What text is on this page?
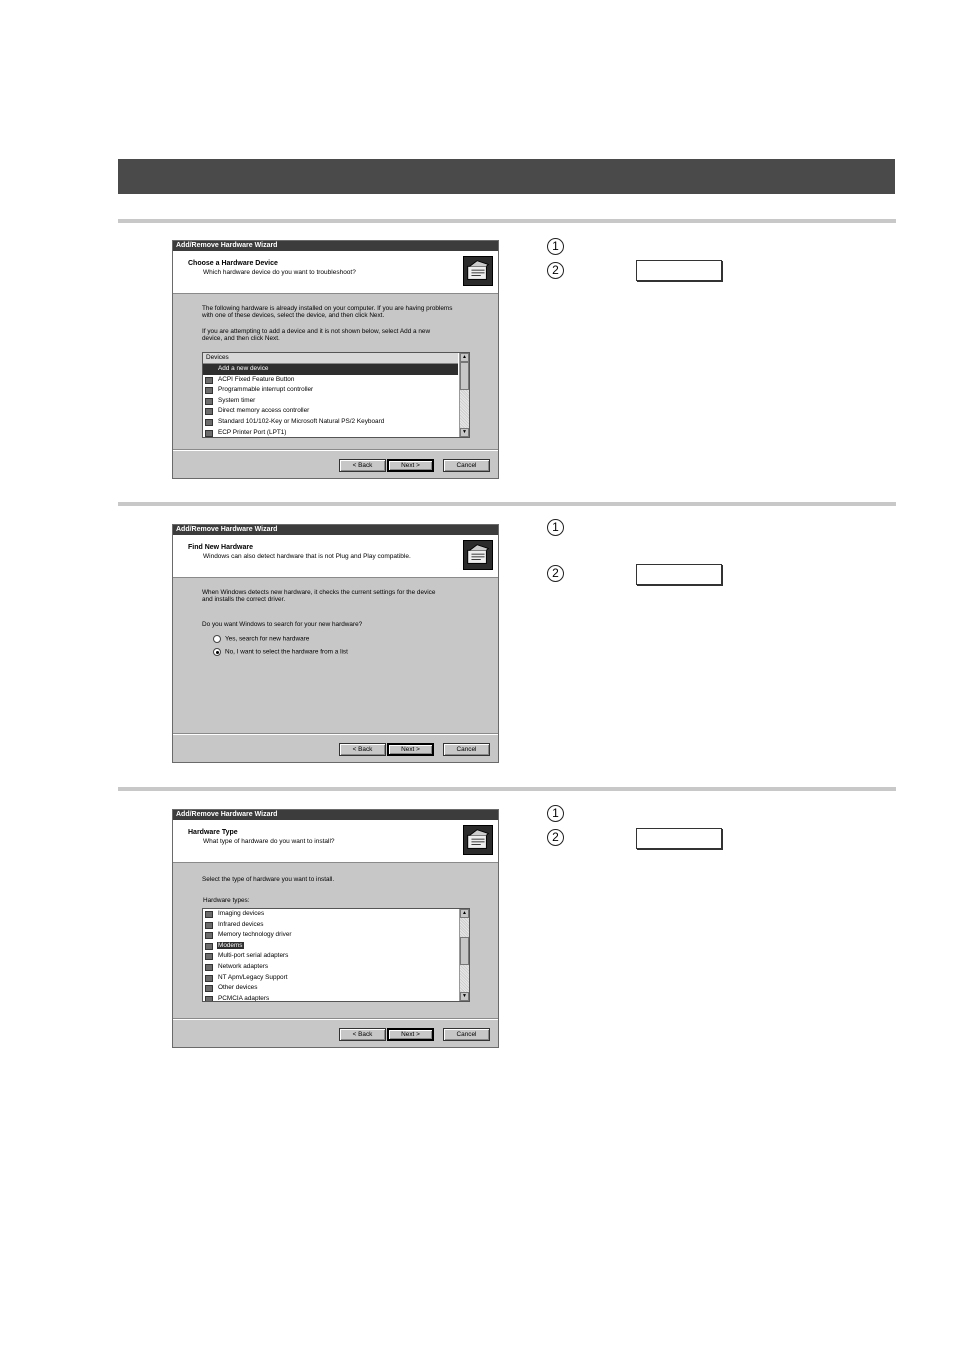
Add/Remove Hardware Wizard
Choose a Hardware Device
Which hardware device do you want to troubleshoot?
The following hardware is already installed on your computer. If you are having problems
with one of these devices, select the device, and then click Next.
If you are attempting to add a device and it is not shown below, select Add a new
device, and then click Next.
Devices
Add a new device
ACPI Fixed Feature Button
Programmable interrupt controller
System timer
Direct memory access controller
Standard 101/102-Key or Microsoft Natural PS/2 Keyboard
ECP Printer Port (LPT1)
▲
▼
< Back	Next >	Cancel
1
2
Add/Remove Hardware Wizard
Find New Hardware
Windows can also detect hardware that is not Plug and Play compatible.
When Windows detects new hardware, it checks the current settings for the device
and installs the correct driver.
Do you want Windows to search for your new hardware?
Yes, search for new hardware
No, I want to select the hardware from a list
< Back	Next >	Cancel
1
2
Add/Remove Hardware Wizard
Hardware Type
What type of hardware do you want to install?
Select the type of hardware you want to install.
Hardware types:
Imaging devices
Infrared devices
Memory technology driver
Modems
Multi-port serial adapters
Network adapters
NT Apm/Legacy Support
Other devices
PCMCIA adapters
▲
▼
< Back	Next >	Cancel
1
2
